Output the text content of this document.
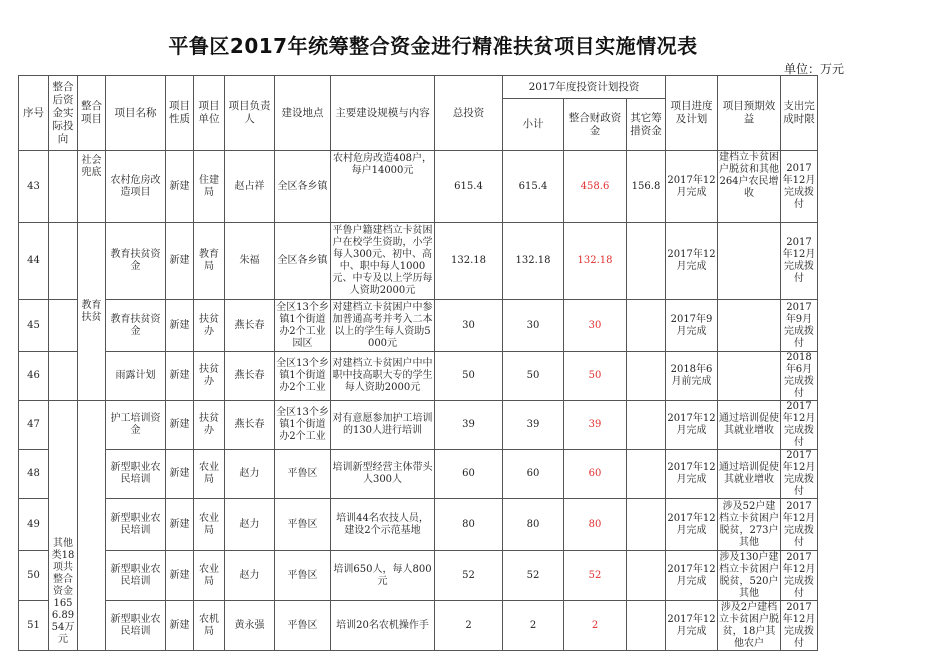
平鲁区2017年统筹整合资金进行精准扶贫项目实施情况表
单位：万元
序号	整合后资金实际投向	整合项目	项目名称	项目性质	项目单位	项目负责人	建设地点	主要建设规模与内容	总投资	2017年度投资计划投资			项目进度及计划	项目预期效益	支出完成时限
										小计	整合财政资金	其它筹措资金			
43		社会兜底	农村危房改造项目	新建	住建局	赵占祥	全区各乡镇	农村危房改造408户，每户14000元	615.4	615.4	458.6	156.8	2017年12月完成	建档立卡贫困户脱贫和其他264户农民增收	2017年12月完成拨付
44		教育扶贫	教育扶贫资金	新建	教育局	朱福	全区各乡镇	平鲁户籍建档立卡贫困户在校学生资助，小学每人300元、初中、高中、职中每人1000元、中专及以上学历每人资助2000元	132.18	132.18	132.18		2017年12月完成		2017年12月完成拨付
45			教育扶贫资金	新建	扶贫办	燕长春	全区13个乡镇1个街道办2个工业园区	对建档立卡贫困户中参加普通高考并考入二本以上的学生每人资助5000元	30	30	30		2017年9月完成		2017年9月完成拨付
46			雨露计划	新建	扶贫办	燕长春	全区13个乡镇1个街道办2个工业	对建档立卡贫困户中中职中技高职大专的学生每人资助2000元	50	50	50		2018年6月前完成		2018年6月完成拨付
47	其他类18项共整合资金1656.8954万元		护工培训资金	新建	扶贫办	燕长春	全区13个乡镇1个街道办2个工业	对有意愿参加护工培训的130人进行培训	39	39	39		2017年12月完成	通过培训促使其就业增收	2017年12月完成拨付
48			新型职业农民培训	新建	农业局	赵力	平鲁区	培训新型经营主体带头人300人	60	60	60		2017年12月完成	通过培训促使其就业增收	2017年12月完成拨付
49			新型职业农民培训	新建	农业局	赵力	平鲁区	培训44名农技人员，建设2个示范基地	80	80	80		2017年12月完成	涉及52户建档立卡贫困户脱贫，273户其他	2017年12月完成拨付
50			新型职业农民培训	新建	农业局	赵力	平鲁区	培训650人，每人800元	52	52	52		2017年12月完成	涉及130户建档立卡贫困户脱贫，520户其他	2017年12月完成拨付
51			新型职业农民培训	新建	农机局	黄永强	平鲁区	培训20名农机操作手	2	2	2		2017年12月完成	涉及2户建档立卡贫困户脱贫，18户其他农户	2017年12月完成拨付
